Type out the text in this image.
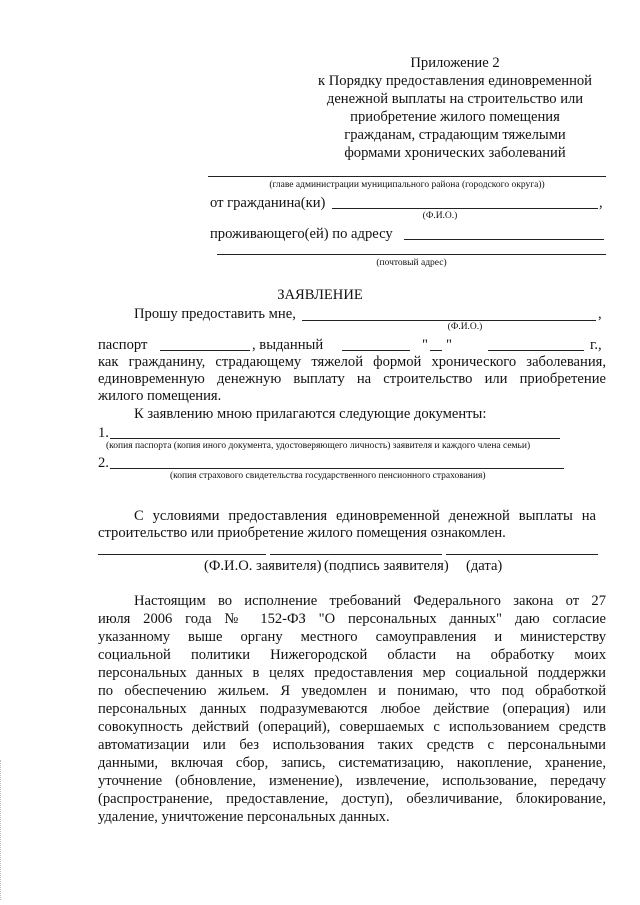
Приложение 2
к Порядку предоставления единовременной
денежной выплаты на строительство или
приобретение жилого помещения
гражданам, страдающим тяжелыми
формами хронических заболеваний
(главе администрации муниципального района (городского округа))
от гражданина(ки)	,
(Ф.И.О.)
проживающего(ей) по адресу
(почтовый адрес)
ЗАЯВЛЕНИЕ
Прошу предоставить мне,	,
(Ф.И.О.)
паспорт	, выданный	" "	г.,
как гражданину, страдающему тяжелой формой хронического заболевания,
единовременную денежную выплату на строительство или приобретение
жилого помещения.
К заявлению мною прилагаются следующие документы:
1.
(копия паспорта (копия иного документа, удостоверяющего личность) заявителя и каждого члена семьи)
2.
(копия страхового свидетельства государственного пенсионного страхования)
С условиями предоставления единовременной денежной выплаты на
строительство или приобретение жилого помещения ознакомлен.
(Ф.И.О. заявителя) (подпись заявителя) (дата)
Настоящим во исполнение требований Федерального закона от 27
июля 2006 года № 152-ФЗ "О персональных данных" даю согласие
указанному выше органу местного самоуправления и министерству
социальной политики Нижегородской области на обработку моих
персональных данных в целях предоставления мер социальной поддержки
по обеспечению жильем. Я уведомлен и понимаю, что под обработкой
персональных данных подразумеваются любое действие (операция) или
совокупность действий (операций), совершаемых с использованием средств
автоматизации или без использования таких средств с персональными
данными, включая сбор, запись, систематизацию, накопление, хранение,
уточнение (обновление, изменение), извлечение, использование, передачу
(распространение, предоставление, доступ), обезличивание, блокирование,
удаление, уничтожение персональных данных.
